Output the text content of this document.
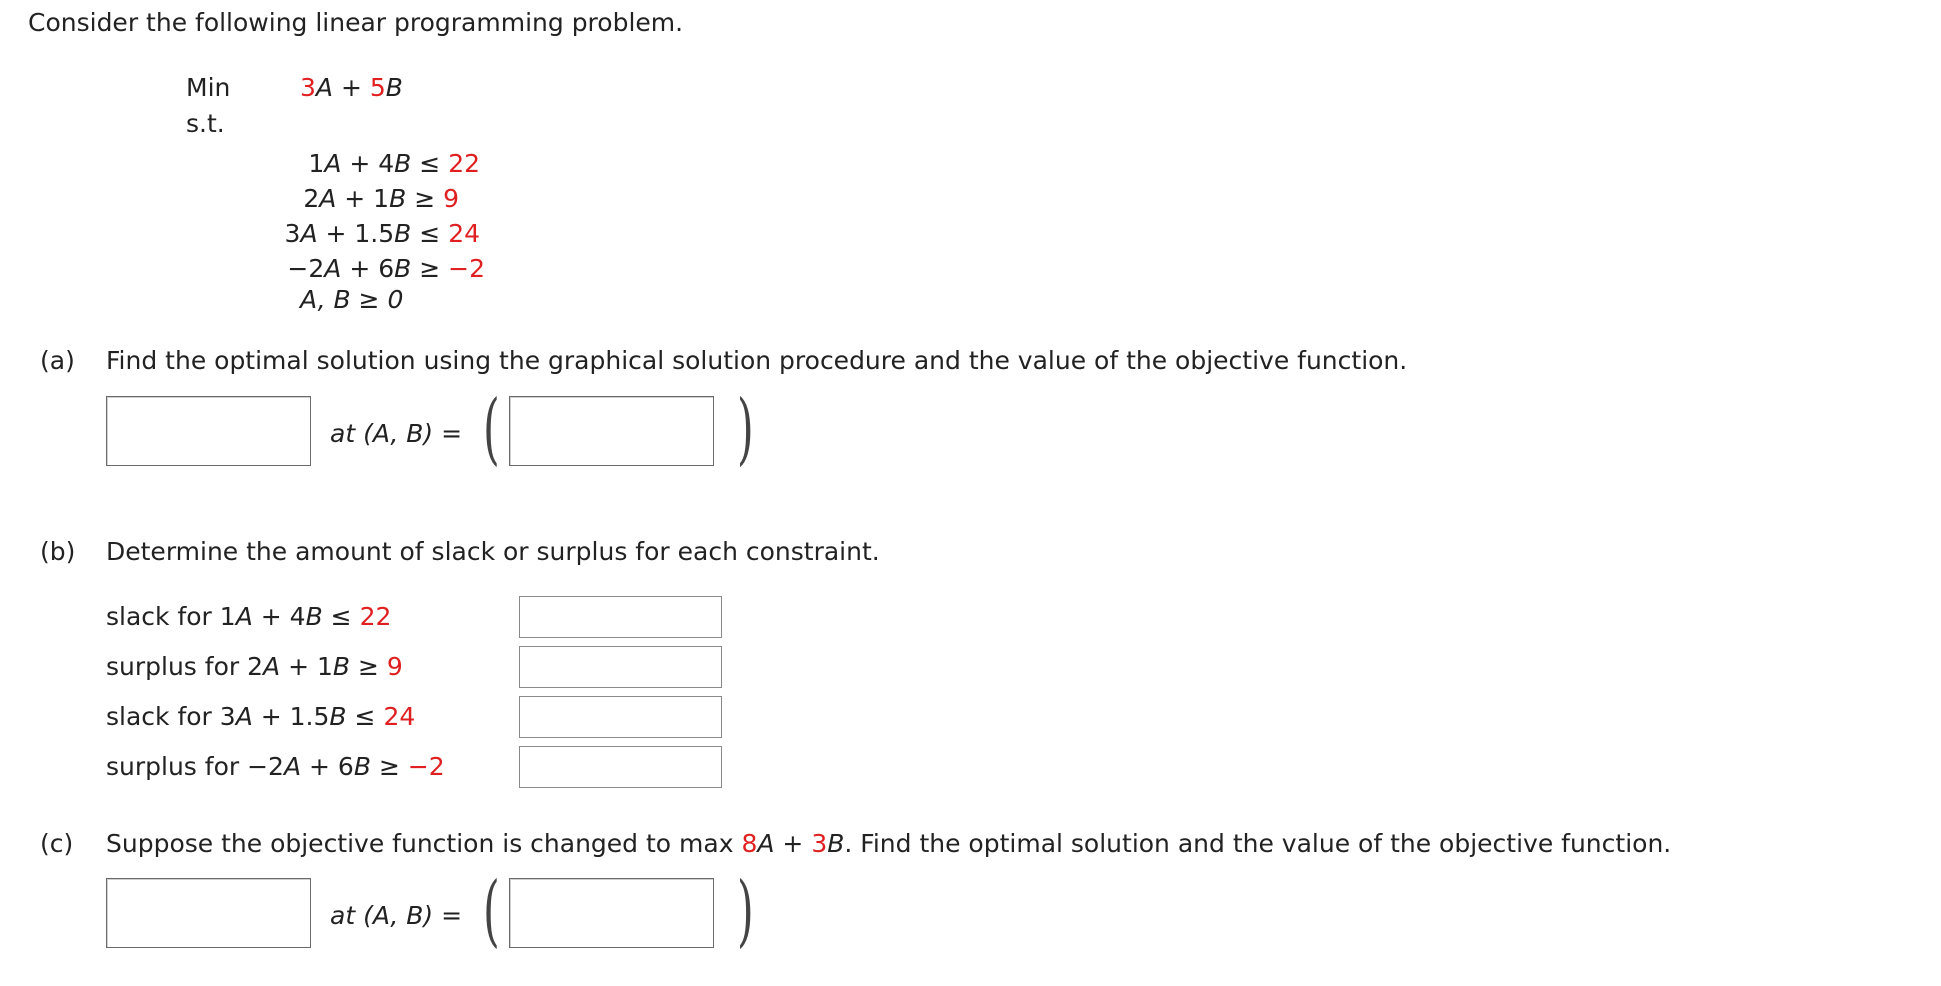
Consider the following linear programming problem.
Min	3A + 5B
s.t.
1A + 4B ≤ 22
2A + 1B ≥ 9
3A + 1.5B ≤ 24
−2A + 6B ≥ −2
A, B ≥ 0
(a) Find the optimal solution using the graphical solution procedure and the value of the objective function.
at (A, B) = (	)
(b) Determine the amount of slack or surplus for each constraint.
slack for 1A + 4B ≤ 22
surplus for 2A + 1B ≥ 9
slack for 3A + 1.5B ≤ 24
surplus for −2A + 6B ≥ −2
(c) Suppose the objective function is changed to max 8A + 3B. Find the optimal solution and the value of the objective function.
at (A, B) = (	)
